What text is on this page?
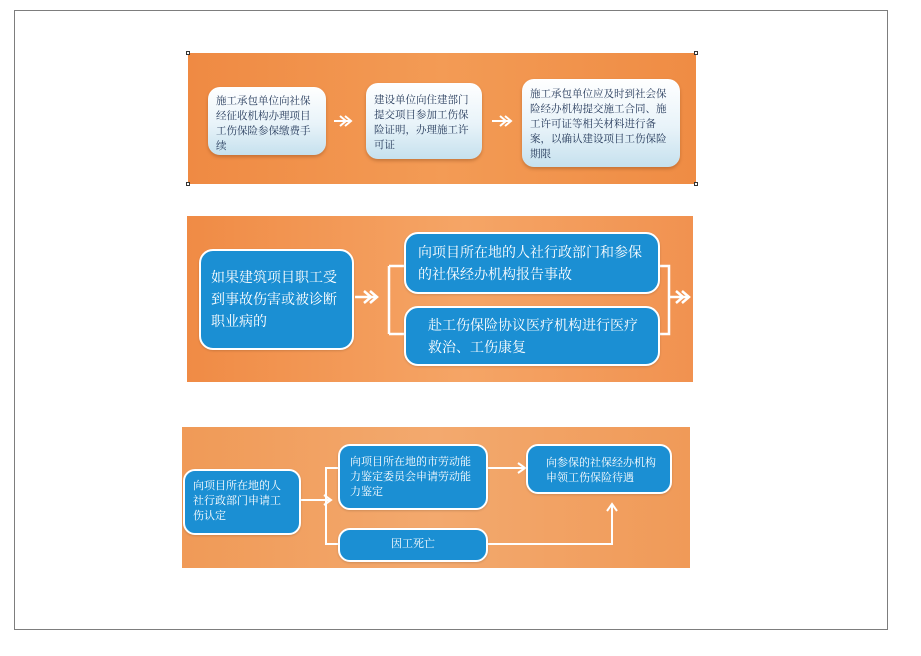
施工承包单位向社保经征收机构办理项目工伤保险参保缴费手续
建设单位向住建部门提交项目参加工伤保险证明，办理施工许可证
施工承包单位应及时到社会保险经办机构提交施工合同、施工许可证等相关材料进行备案，以确认建设项目工伤保险期限
如果建筑项目职工受到事故伤害或被诊断职业病的
向项目所在地的人社行政部门和参保的社保经办机构报告事故
赴工伤保险协议医疗机构进行医疗救治、工伤康复
向项目所在地的人社行政部门申请工伤认定
向项目所在地的市劳动能力鉴定委员会申请劳动能力鉴定
因工死亡
向参保的社保经办机构申领工伤保险待遇
